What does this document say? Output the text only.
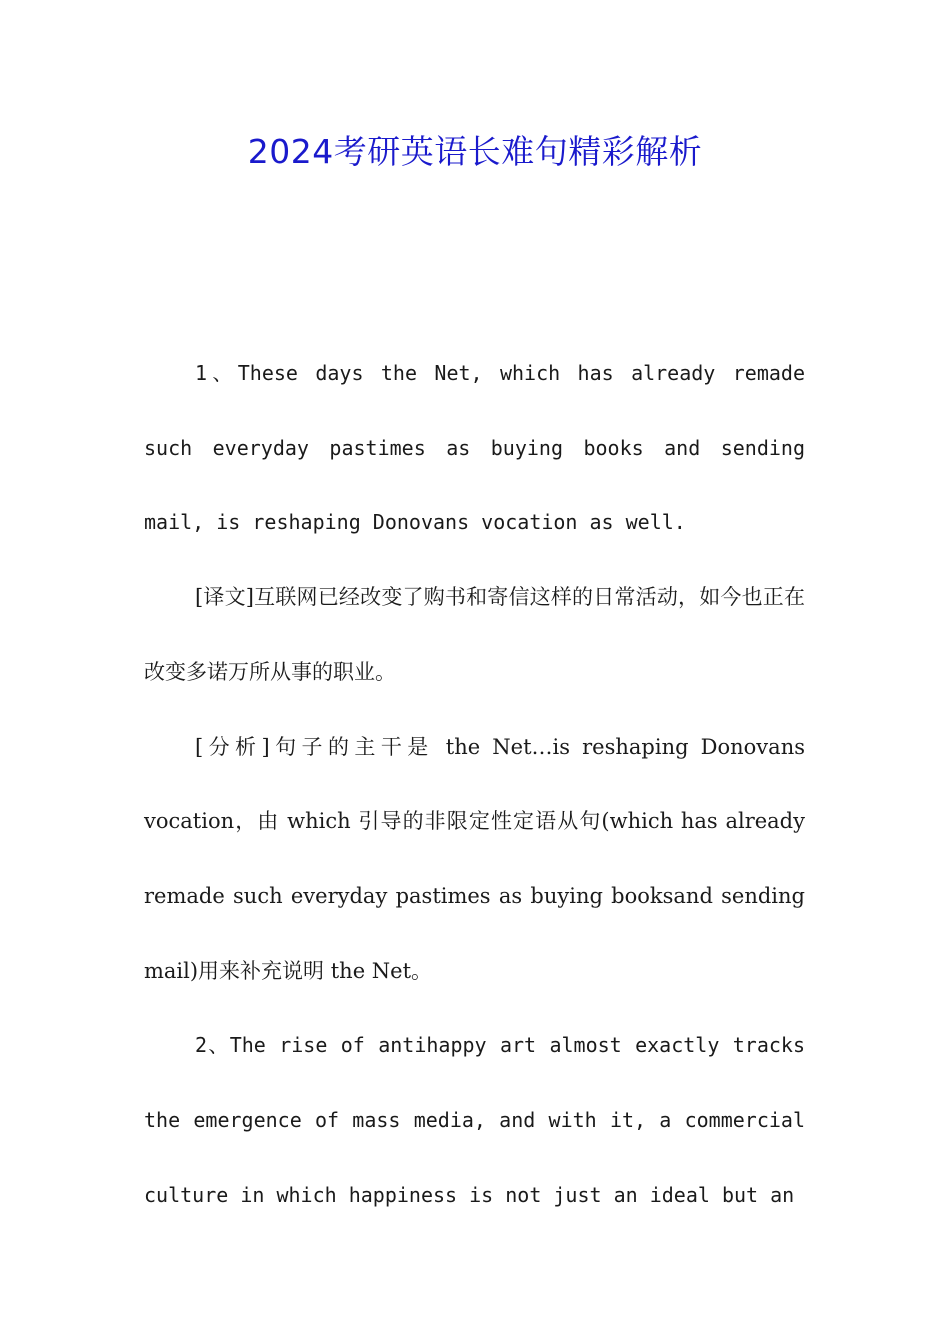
2024考研英语长难句精彩解析

1、These days the Net, which has already remade such everyday pastimes as buying books and sending mail, is reshaping Donovans vocation as well.

[译文]互联网已经改变了购书和寄信这样的日常活动，如今也正在改变多诺万所从事的职业。

[分析]句子的主干是 the Net…is reshaping Donovans vocation，由 which 引导的非限定性定语从句(which has already remade such everyday pastimes as buying booksand sending mail)用来补充说明 the Net。

2、The rise of antihappy art almost exactly tracks the emergence of mass media, and with it, a commercial culture in which happiness is not just an ideal but an
